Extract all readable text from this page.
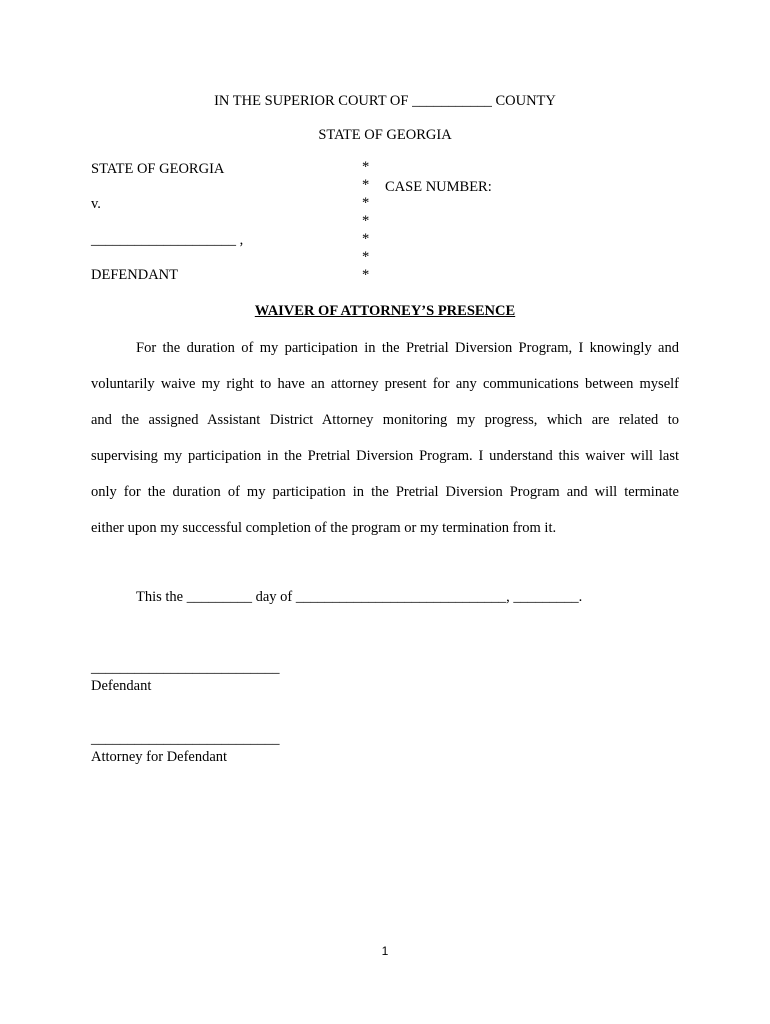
IN THE SUPERIOR COURT OF ___________ COUNTY
STATE OF GEORGIA
STATE OF GEORGIA
v.
____________________ ,
DEFENDANT
*
*
*
*
*
*
*
CASE NUMBER:
WAIVER OF ATTORNEY’S PRESENCE
For the duration of my participation in the Pretrial Diversion Program, I knowingly and
voluntarily waive my right to have an attorney present for any communications between myself
and the assigned Assistant District Attorney monitoring my progress, which are related to
supervising my participation in the Pretrial Diversion Program. I understand this waiver will last
only for the duration of my participation in the Pretrial Diversion Program and will terminate
either upon my successful completion of the program or my termination from it.
This the _________ day of _____________________________, _________.
__________________________
Defendant
__________________________
Attorney for Defendant
1
